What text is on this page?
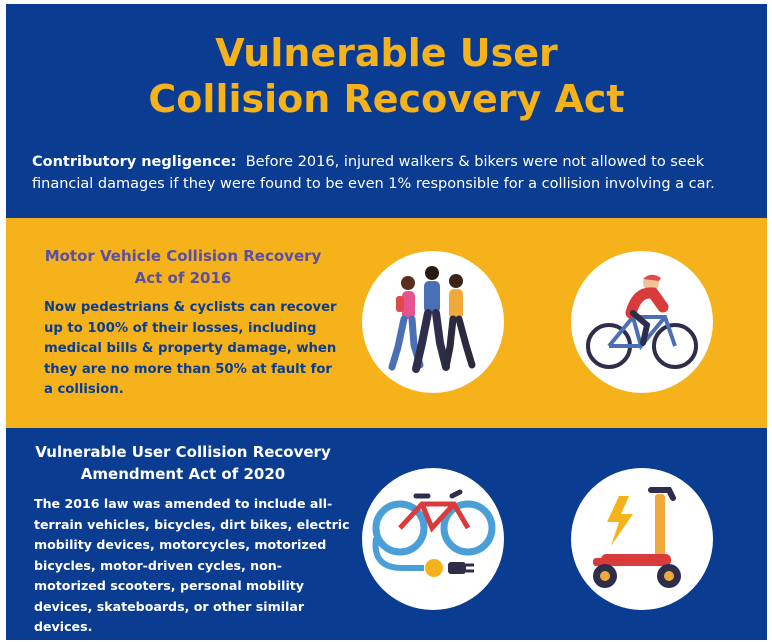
Vulnerable User
Collision Recovery Act
Contributory negligence: Before 2016, injured walkers & bikers were not allowed to seek financial damages if they were found to be even 1% responsible for a collision involving a car.
Motor Vehicle Collision Recovery
Act of 2016
Now pedestrians & cyclists can recover up to 100% of their losses, including medical bills & property damage, when they are no more than 50% at fault for a collision.
Vulnerable User Collision Recovery
Amendment Act of 2020
The 2016 law was amended to include all-terrain vehicles, bicycles, dirt bikes, electric mobility devices, motorcycles, motorized bicycles, motor-driven cycles, non-motorized scooters, personal mobility devices, skateboards, or other similar devices.
